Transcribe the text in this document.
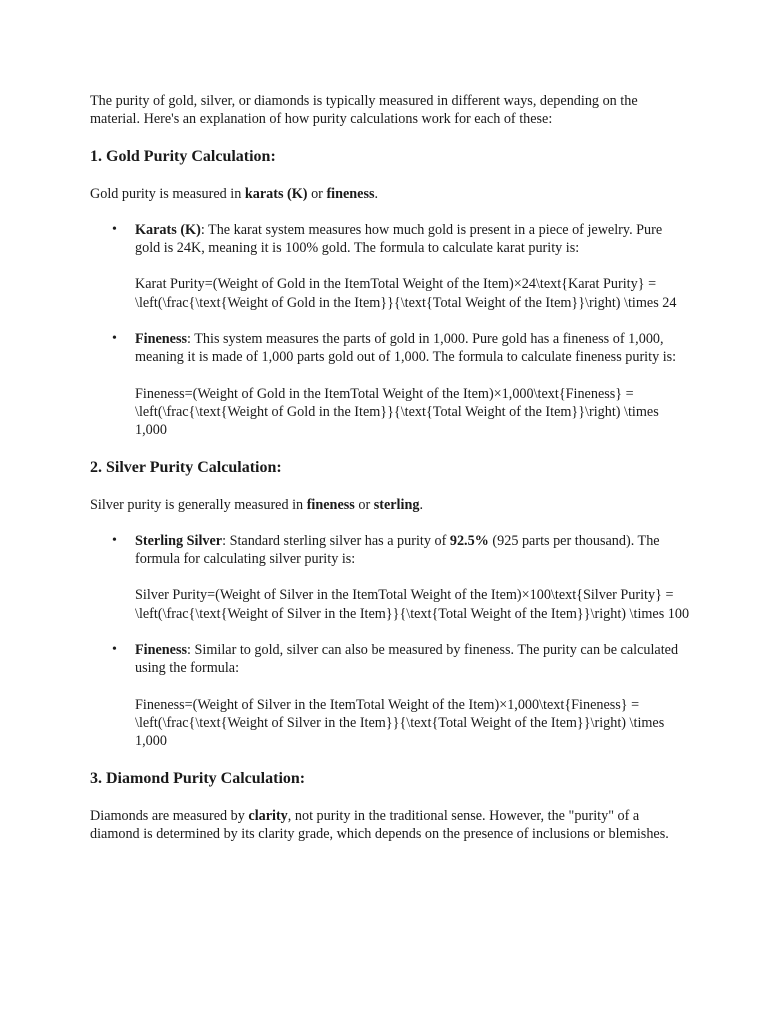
The purity of gold, silver, or diamonds is typically measured in different ways, depending on the material. Here's an explanation of how purity calculations work for each of these:

1. Gold Purity Calculation:

Gold purity is measured in karats (K) or fineness.

• Karats (K): The karat system measures how much gold is present in a piece of jewelry. Pure gold is 24K, meaning it is 100% gold. The formula to calculate karat purity is:

Karat Purity=(Weight of Gold in the ItemTotal Weight of the Item)×24\text{Karat Purity} = \left(\frac{\text{Weight of Gold in the Item}}{\text{Total Weight of the Item}}\right) \times 24

• Fineness: This system measures the parts of gold in 1,000. Pure gold has a fineness of 1,000, meaning it is made of 1,000 parts gold out of 1,000. The formula to calculate fineness purity is:

Fineness=(Weight of Gold in the ItemTotal Weight of the Item)×1,000\text{Fineness} = \left(\frac{\text{Weight of Gold in the Item}}{\text{Total Weight of the Item}}\right) \times 1,000

2. Silver Purity Calculation:

Silver purity is generally measured in fineness or sterling.

• Sterling Silver: Standard sterling silver has a purity of 92.5% (925 parts per thousand). The formula for calculating silver purity is:

Silver Purity=(Weight of Silver in the ItemTotal Weight of the Item)×100\text{Silver Purity} = \left(\frac{\text{Weight of Silver in the Item}}{\text{Total Weight of the Item}}\right) \times 100

• Fineness: Similar to gold, silver can also be measured by fineness. The purity can be calculated using the formula:

Fineness=(Weight of Silver in the ItemTotal Weight of the Item)×1,000\text{Fineness} = \left(\frac{\text{Weight of Silver in the Item}}{\text{Total Weight of the Item}}\right) \times 1,000

3. Diamond Purity Calculation:

Diamonds are measured by clarity, not purity in the traditional sense. However, the "purity" of a diamond is determined by its clarity grade, which depends on the presence of inclusions or blemishes.
